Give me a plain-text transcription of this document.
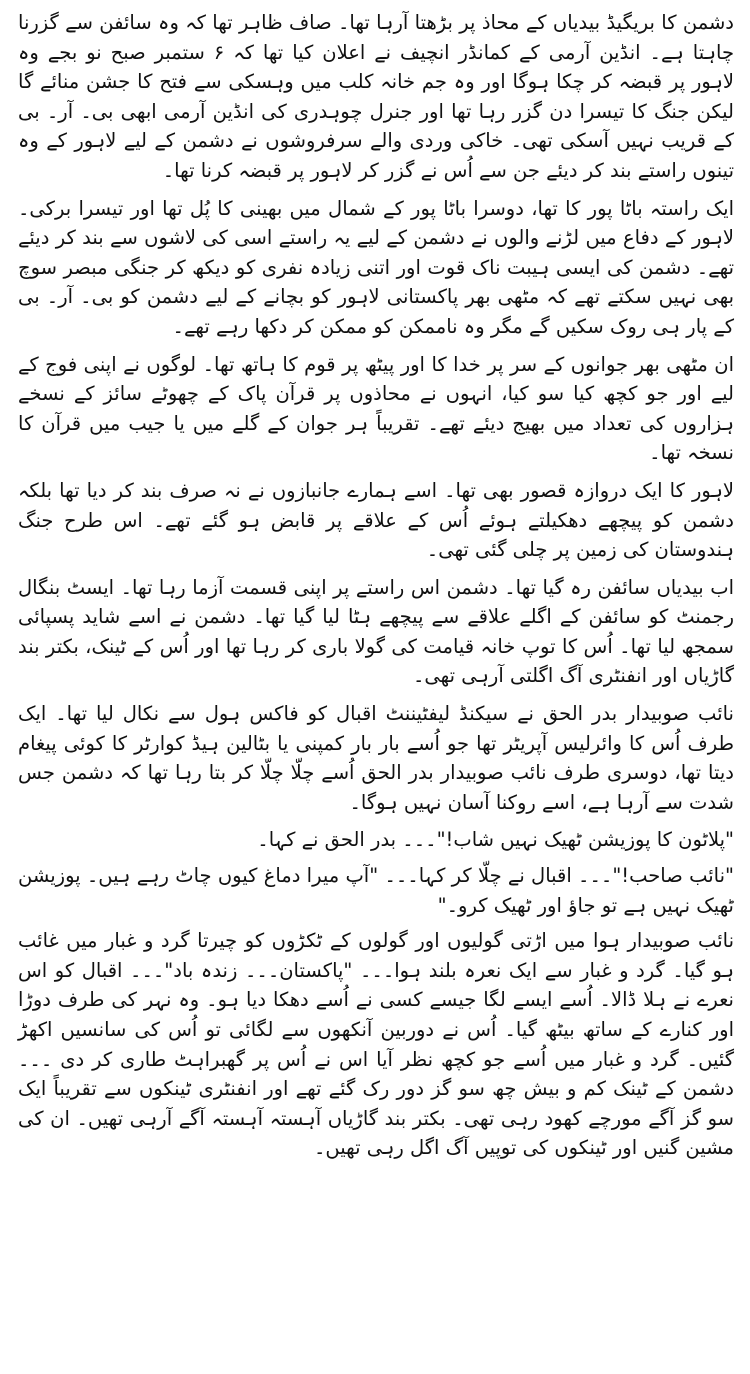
دشمن کا بریگیڈ بیدیاں کے محاذ پر بڑھتا آرہا تھا۔ صاف ظاہر تھا کہ وہ سائفن سے گزرنا چاہتا ہے۔ انڈین آرمی کے کمانڈر انچیف نے اعلان کیا تھا کہ ۶ ستمبر صبح نو بجے وہ لاہور پر قبضہ کر چکا ہوگا اور وہ جم خانہ کلب میں وہسکی سے فتح کا جشن منائے گا لیکن جنگ کا تیسرا دن گزر رہا تھا اور جنرل چوہدری کی انڈین آرمی ابھی بی۔ آر۔ بی کے قریب نہیں آسکی تھی۔ خاکی وردی والے سرفروشوں نے دشمن کے لیے لاہور کے وہ تینوں راستے بند کر دیئے جن سے اُس نے گزر کر لاہور پر قبضہ کرنا تھا۔

ایک راستہ باٹا پور کا تھا، دوسرا باٹا پور کے شمال میں بھینی کا پُل تھا اور تیسرا برکی۔ لاہور کے دفاع میں لڑنے والوں نے دشمن کے لیے یہ راستے اسی کی لاشوں سے بند کر دیئے تھے۔ دشمن کی ایسی ہیبت ناک قوت اور اتنی زیادہ نفری کو دیکھ کر جنگی مبصر سوچ بھی نہیں سکتے تھے کہ مٹھی بھر پاکستانی لاہور کو بچانے کے لیے دشمن کو بی۔ آر۔ بی کے پار ہی روک سکیں گے مگر وہ ناممکن کو ممکن کر دکھا رہے تھے۔

ان مٹھی بھر جوانوں کے سر پر خدا کا اور پیٹھ پر قوم کا ہاتھ تھا۔ لوگوں نے اپنی فوج کے لیے اور جو کچھ کیا سو کیا، انہوں نے محاذوں پر قرآن پاک کے چھوٹے سائز کے نسخے ہزاروں کی تعداد میں بھیج دیئے تھے۔ تقریباً ہر جوان کے گلے میں یا جیب میں قرآن کا نسخہ تھا۔

لاہور کا ایک دروازہ قصور بھی تھا۔ اسے ہمارے جانبازوں نے نہ صرف بند کر دیا تھا بلکہ دشمن کو پیچھے دھکیلتے ہوئے اُس کے علاقے پر قابض ہو گئے تھے۔ اس طرح جنگ ہندوستان کی زمین پر چلی گئی تھی۔

اب بیدیاں سائفن رہ گیا تھا۔ دشمن اس راستے پر اپنی قسمت آزما رہا تھا۔ ایسٹ بنگال رجمنٹ کو سائفن کے اگلے علاقے سے پیچھے ہٹا لیا گیا تھا۔ دشمن نے اسے شاید پسپائی سمجھ لیا تھا۔ اُس کا توپ خانہ قیامت کی گولا باری کر رہا تھا اور اُس کے ٹینک، بکتر بند گاڑیاں اور انفنٹری آگ اگلتی آرہی تھی۔

نائب صوبیدار بدر الحق نے سیکنڈ لیفٹیننٹ اقبال کو فاکس ہول سے نکال لیا تھا۔ ایک طرف اُس کا وائرلیس آپریٹر تھا جو اُسے بار بار کمپنی یا بٹالین ہیڈ کوارٹر کا کوئی پیغام دیتا تھا، دوسری طرف نائب صوبیدار بدر الحق اُسے چلّا چلّا کر بتا رہا تھا کہ دشمن جس شدت سے آرہا ہے، اسے روکنا آسان نہیں ہوگا۔

"پلاٹون کا پوزیشن ٹھیک نہیں شاب!"۔۔۔ بدر الحق نے کہا۔

"نائب صاحب!"۔۔۔ اقبال نے چلّا کر کہا۔۔۔ "آپ میرا دماغ کیوں چاٹ رہے ہیں۔ پوزیشن ٹھیک نہیں ہے تو جاؤ اور ٹھیک کرو۔"

نائب صوبیدار ہوا میں اڑتی گولیوں اور گولوں کے ٹکڑوں کو چیرتا گرد و غبار میں غائب ہو گیا۔ گرد و غبار سے ایک نعرہ بلند ہوا۔۔۔ "پاکستان۔۔۔ زندہ باد"۔۔۔ اقبال کو اس نعرے نے ہلا ڈالا۔ اُسے ایسے لگا جیسے کسی نے اُسے دھکا دیا ہو۔ وہ نہر کی طرف دوڑا اور کنارے کے ساتھ بیٹھ گیا۔ اُس نے دوربین آنکھوں سے لگائی تو اُس کی سانسیں اکھڑ گئیں۔ گرد و غبار میں اُسے جو کچھ نظر آیا اس نے اُس پر گھبراہٹ طاری کر دی ۔۔۔ دشمن کے ٹینک کم و بیش چھ سو گز دور رک گئے تھے اور انفنٹری ٹینکوں سے تقریباً ایک سو گز آگے مورچے کھود رہی تھی۔ بکتر بند گاڑیاں آہستہ آہستہ آگے آرہی تھیں۔ ان کی مشین گنیں اور ٹینکوں کی توپیں آگ اگل رہی تھیں۔
